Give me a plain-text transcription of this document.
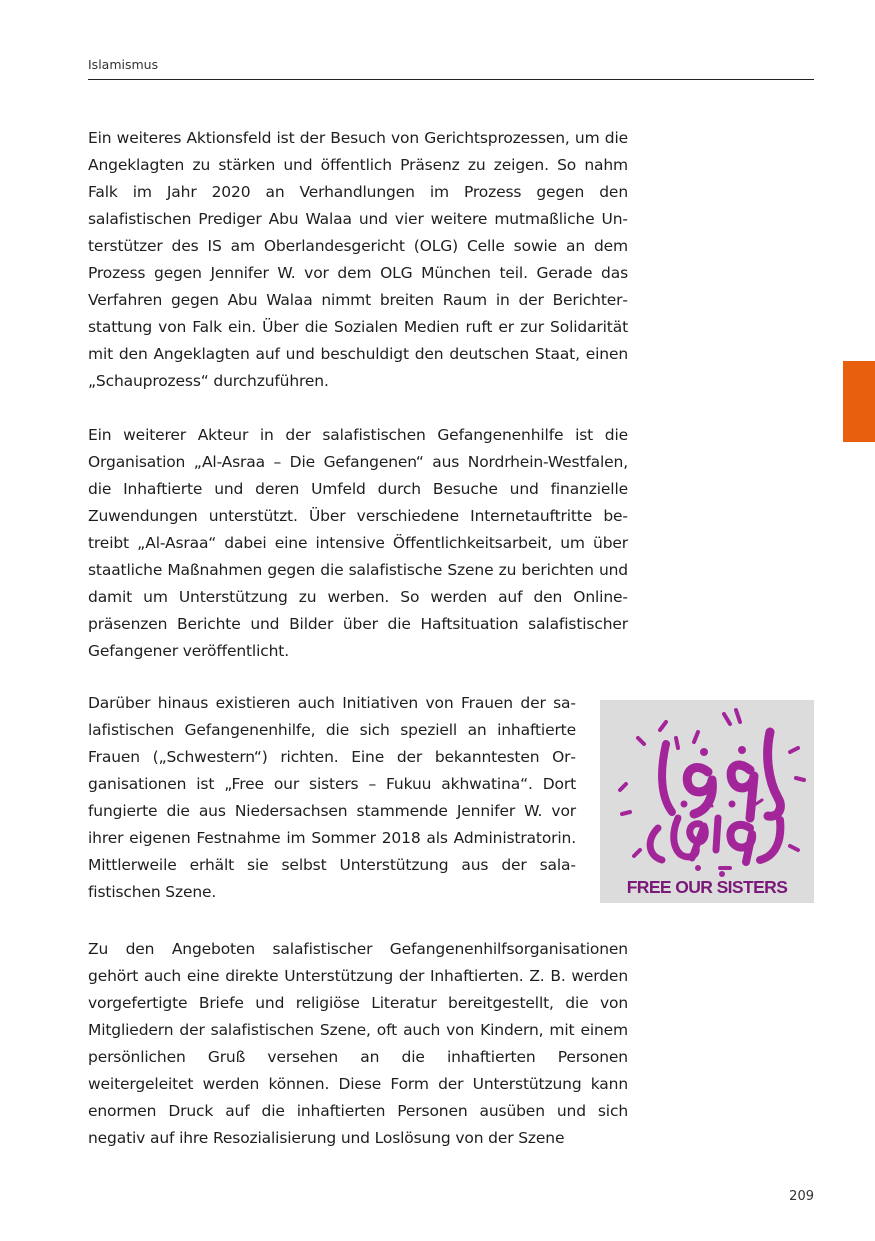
Islamismus

Ein weiteres Aktionsfeld ist der Besuch von Gerichtsprozessen, um die Angeklagten zu stärken und öffentlich Präsenz zu zeigen. So nahm Falk im Jahr 2020 an Verhandlungen im Prozess gegen den salafistischen Prediger Abu Walaa und vier weitere mutmaßliche Unterstützer des IS am Oberlandesgericht (OLG) Celle sowie an dem Prozess gegen Jennifer W. vor dem OLG München teil. Gerade das Verfahren gegen Abu Walaa nimmt breiten Raum in der Berichterstattung von Falk ein. Über die Sozialen Medien ruft er zur Solidarität mit den Angeklagten auf und beschuldigt den deutschen Staat, einen „Schauprozess“ durchzuführen.

Ein weiterer Akteur in der salafistischen Gefangenenhilfe ist die Organisation „Al-Asraa – Die Gefangenen“ aus Nordrhein-Westfalen, die Inhaftierte und deren Umfeld durch Besuche und finanzielle Zuwendungen unterstützt. Über verschiedene Internetauftritte betreibt „Al-Asraa“ dabei eine intensive Öffentlichkeitsarbeit, um über staatliche Maßnahmen gegen die salafistische Szene zu berichten und damit um Unterstützung zu werben. So werden auf den Onlinepräsenzen Berichte und Bilder über die Haftsituation salafistischer Gefangener veröffentlicht.

Darüber hinaus existieren auch Initiativen von Frauen der salafistischen Gefangenenhilfe, die sich speziell an inhaftierte Frauen („Schwestern“) richten. Eine der bekanntesten Organisationen ist „Free our sisters – Fukuu akhwatina“. Dort fungierte die aus Niedersachsen stammende Jennifer W. vor ihrer eigenen Festnahme im Sommer 2018 als Administratorin. Mittlerweile erhält sie selbst Unterstützung aus der salafistischen Szene.	FREE OUR SISTERS

Zu den Angeboten salafistischer Gefangenenhilfsorganisationen gehört auch eine direkte Unterstützung der Inhaftierten. Z. B. werden vorgefertigte Briefe und religiöse Literatur bereitgestellt, die von Mitgliedern der salafistischen Szene, oft auch von Kindern, mit einem persönlichen Gruß versehen an die inhaftierten Personen weitergeleitet werden können. Diese Form der Unterstützung kann enormen Druck auf die inhaftierten Personen ausüben und sich negativ auf ihre Resozialisierung und Loslösung von der Szene

209
